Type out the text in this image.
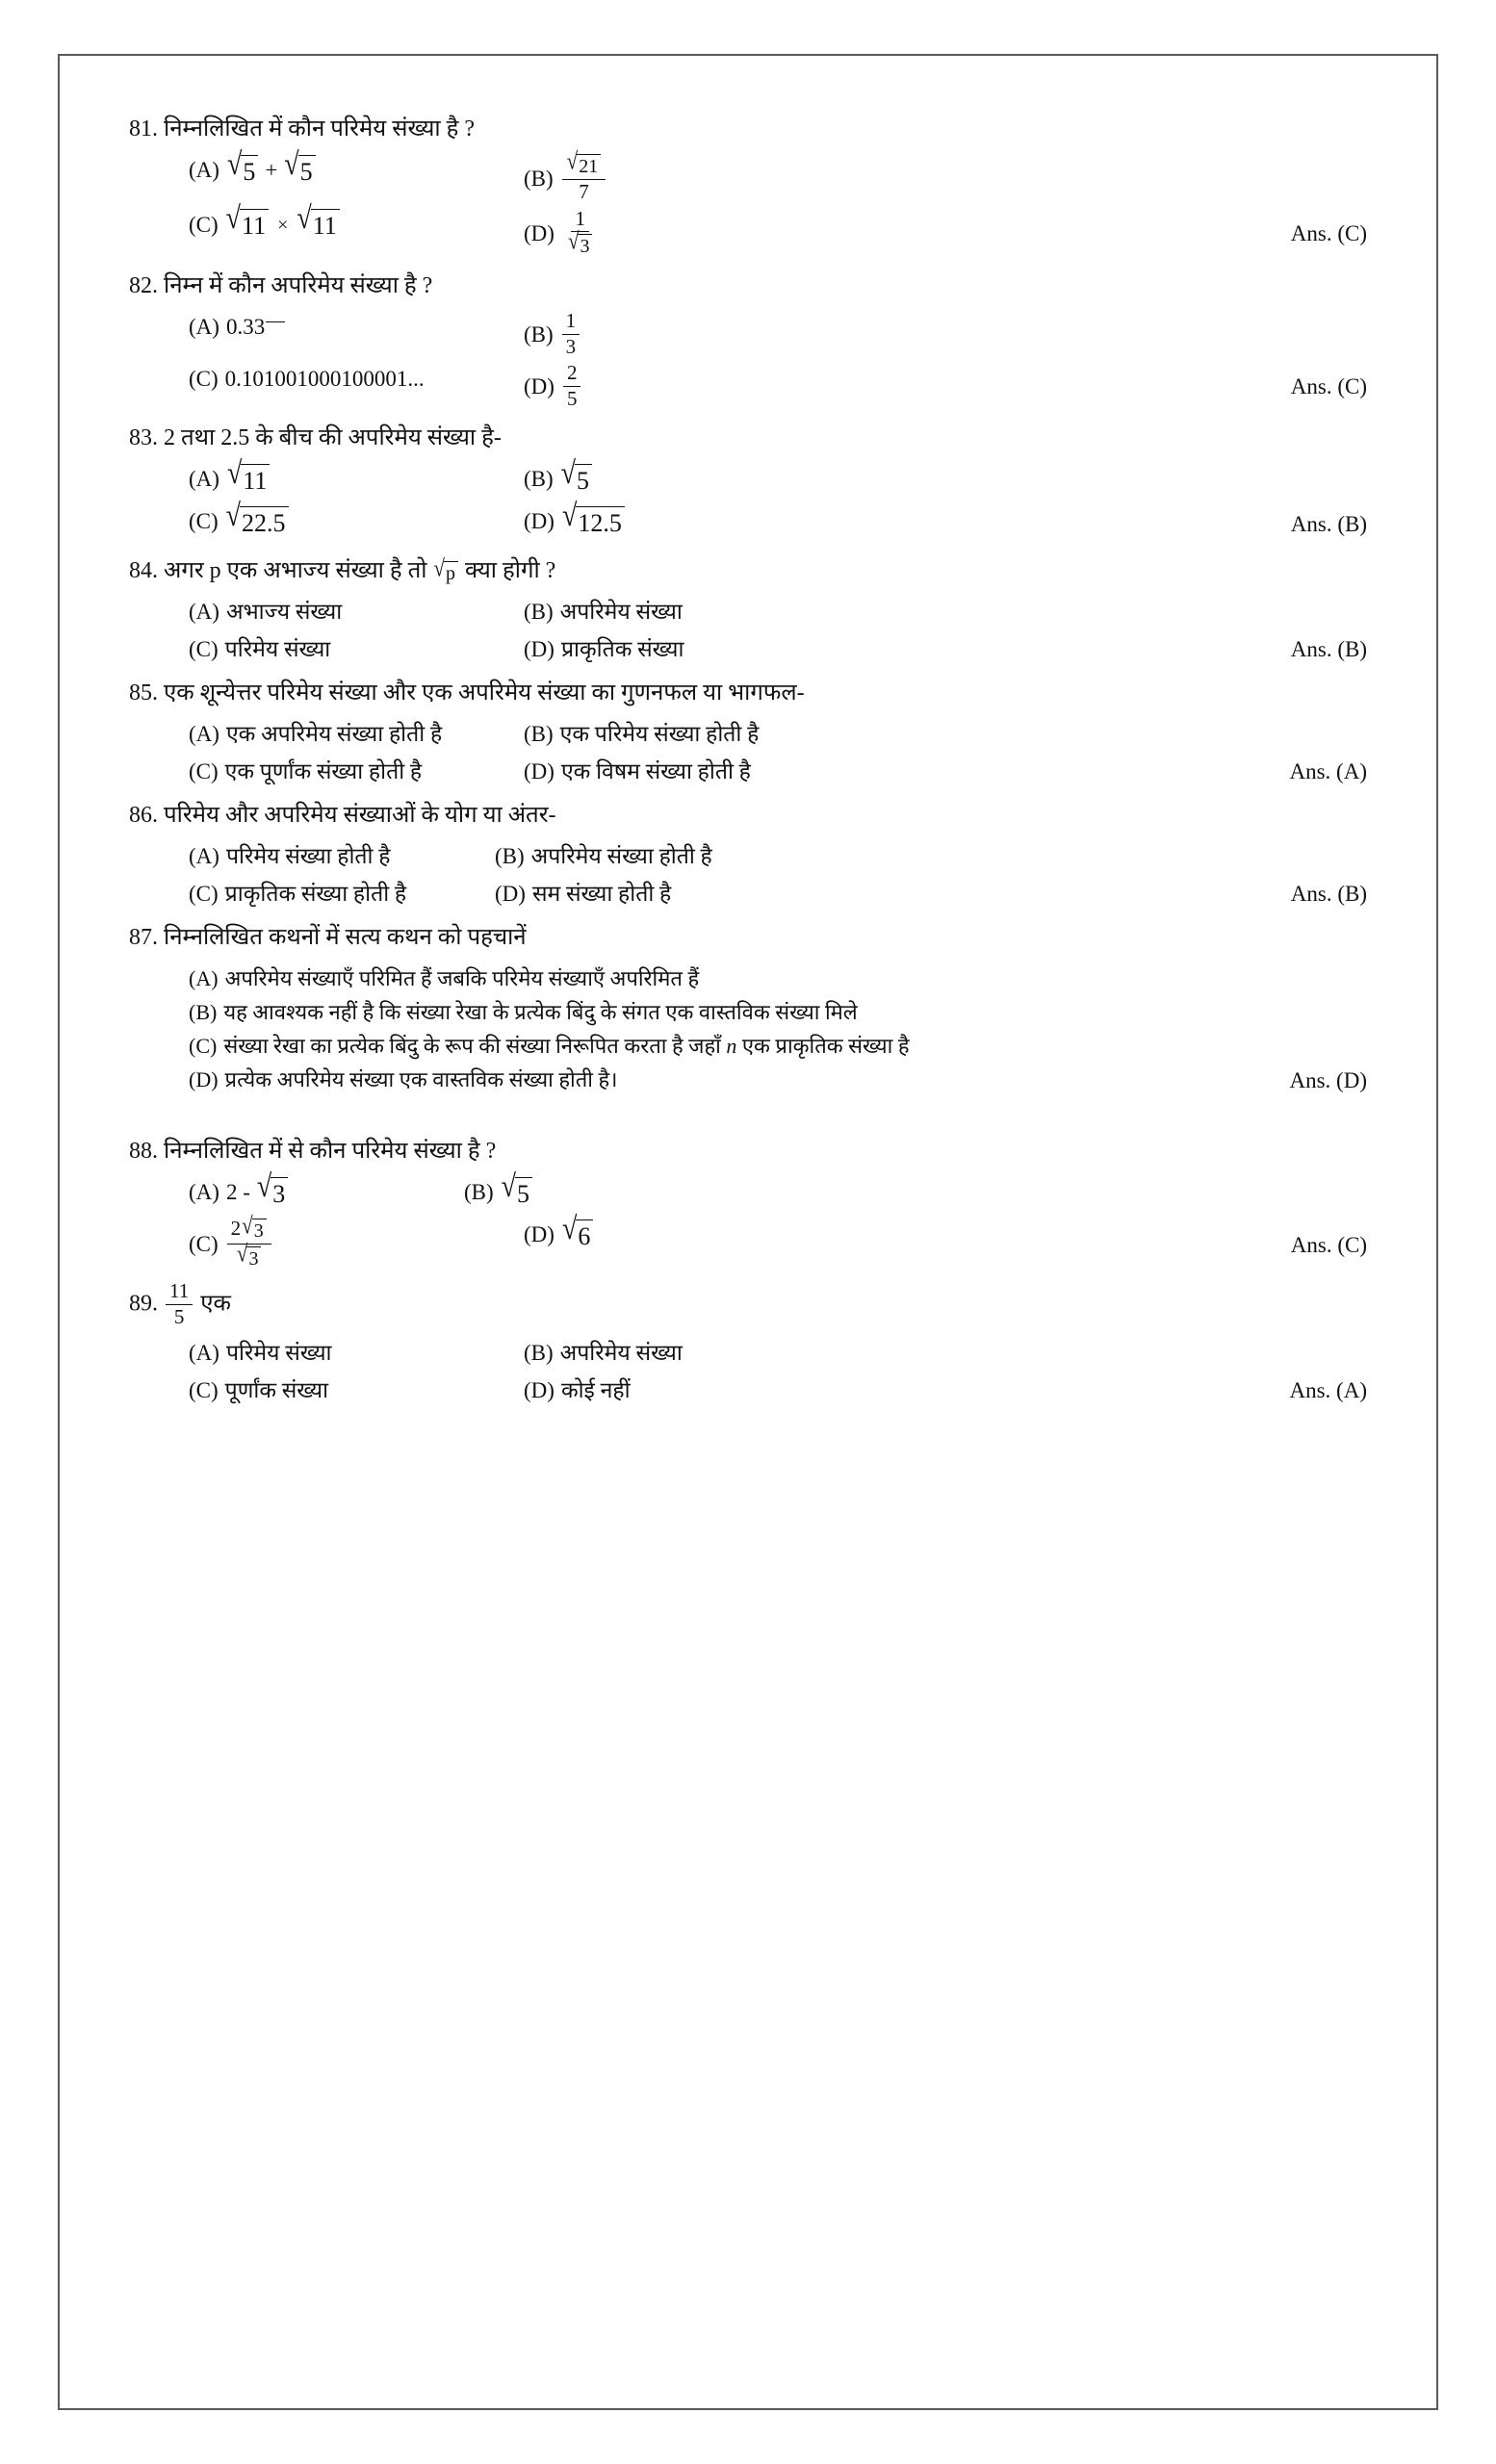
81. निम्नलिखित में कौन परिमेय संख्या है ?
(A) √ 5 + √ 5	$(B) \frac{√ 21}{7}$
(C) √ 11 × √ 11	$(D) \frac{1}{√ 3}$	Ans. (C)
82. निम्न में कौन अपरिमेय संख्या है ?
(A) 0.33	$(B) \frac{1}{3}$
(C) 0.101001000100001...	$(D) \frac{2}{5}$	Ans. (C)
83. 2 तथा 2.5 के बीच की अपरिमेय संख्या है-
(A) √ 11	(B) √ 5
(C) √ 22.5	(D) √ 12.5	Ans. (B)
84. अगर p एक अभाज्य संख्या है तो √ p क्या होगी ?
(A) अभाज्य संख्या	(B) अपरिमेय संख्या
(C) परिमेय संख्या	(D) प्राकृतिक संख्या	Ans. (B)
85. एक शून्येत्तर परिमेय संख्या और एक अपरिमेय संख्या का गुणनफल या भागफल-
(A) एक अपरिमेय संख्या होती है	(B) एक परिमेय संख्या होती है
(C) एक पूर्णांक संख्या होती है	(D) एक विषम संख्या होती है	Ans. (A)
86. परिमेय और अपरिमेय संख्याओं के योग या अंतर-
(A) परिमेय संख्या होती है	(B) अपरिमेय संख्या होती है
(C) प्राकृतिक संख्या होती है	(D) सम संख्या होती है	Ans. (B)
87. निम्नलिखित कथनों में सत्य कथन को पहचानें
(A) अपरिमेय संख्याएँ परिमित हैं जबकि परिमेय संख्याएँ अपरिमित हैं
(B) यह आवश्यक नहीं है कि संख्या रेखा के प्रत्येक बिंदु के संगत एक वास्तविक संख्या मिले
(C) संख्या रेखा का प्रत्येक बिंदु के रूप की संख्या निरूपित करता है जहाँ n एक प्राकृतिक संख्या है
(D) प्रत्येक अपरिमेय संख्या एक वास्तविक संख्या होती है।	Ans. (D)
88. निम्नलिखित में से कौन परिमेय संख्या है ?
(A) 2 - √ 3	(B) √ 5
$(C) \frac{2 √ 3}{√ 3}$	(D) √ 6	Ans. (C)
89. $\frac{11}{5}$ एक
(A) परिमेय संख्या	(B) अपरिमेय संख्या
(C) पूर्णांक संख्या	(D) कोई नहीं	Ans. (A)
